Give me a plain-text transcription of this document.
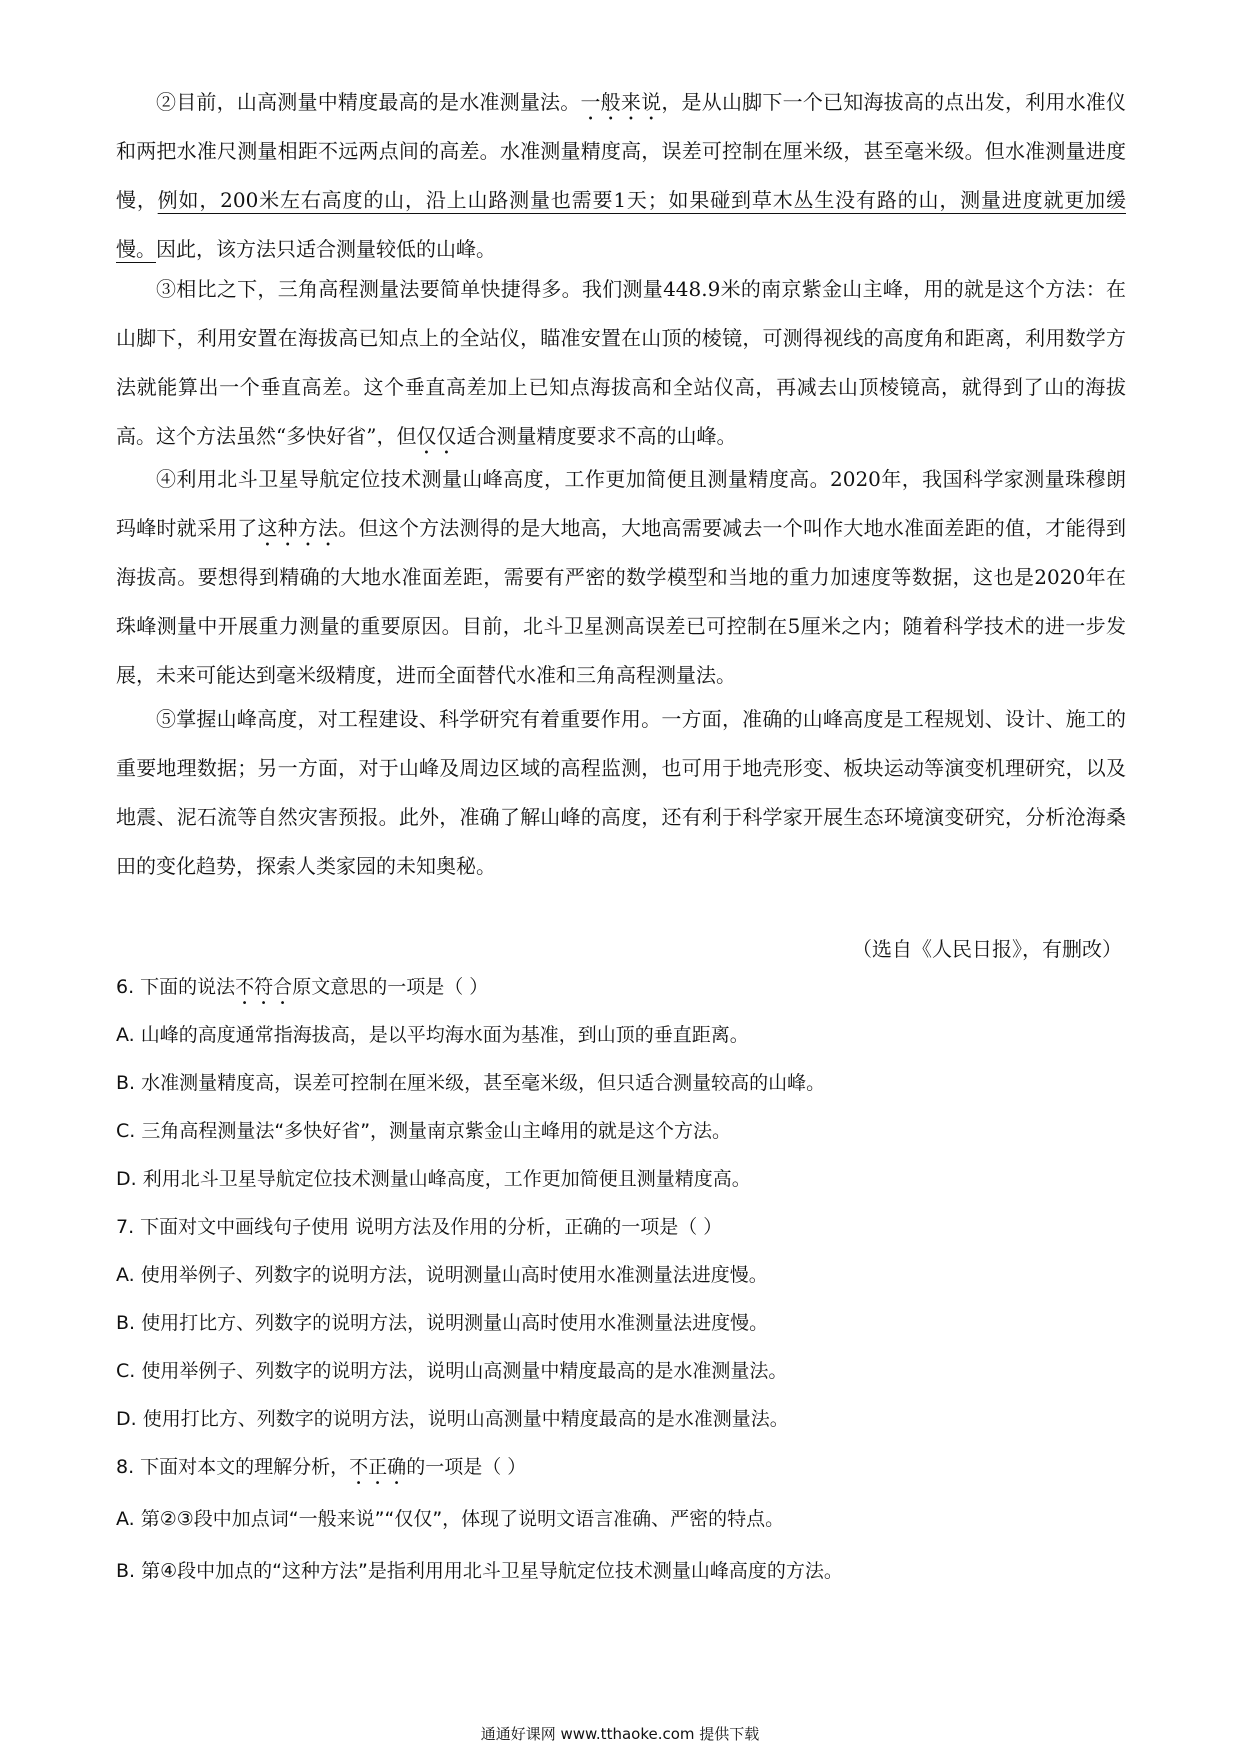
②目前，山高测量中精度最高的是水准测量法。一般来说，是从山脚下一个已知海拔高的点出发，利用水准仪和两把水准尺测量相距不远两点间的高差。水准测量精度高，误差可控制在厘米级，甚至毫米级。但水准测量进度慢，例如，200米左右高度的山，沿上山路测量也需要1天；如果碰到草木丛生没有路的山，测量进度就更加缓慢。因此，该方法只适合测量较低的山峰。

③相比之下，三角高程测量法要简单快捷得多。我们测量448.9米的南京紫金山主峰，用的就是这个方法：在山脚下，利用安置在海拔高已知点上的全站仪，瞄准安置在山顶的棱镜，可测得视线的高度角和距离，利用数学方法就能算出一个垂直高差。这个垂直高差加上已知点海拔高和全站仪高，再减去山顶棱镜高，就得到了山的海拔高。这个方法虽然“多快好省”，但仅仅适合测量精度要求不高的山峰。

④利用北斗卫星导航定位技术测量山峰高度，工作更加简便且测量精度高。2020年，我国科学家测量珠穆朗玛峰时就采用了这种方法。但这个方法测得的是大地高，大地高需要减去一个叫作大地水准面差距的值，才能得到海拔高。要想得到精确的大地水准面差距，需要有严密的数学模型和当地的重力加速度等数据，这也是2020年在珠峰测量中开展重力测量的重要原因。目前，北斗卫星测高误差已可控制在5厘米之内；随着科学技术的进一步发展，未来可能达到毫米级精度，进而全面替代水准和三角高程测量法。

⑤掌握山峰高度，对工程建设、科学研究有着重要作用。一方面，准确的山峰高度是工程规划、设计、施工的重要地理数据；另一方面，对于山峰及周边区域的高程监测，也可用于地壳形变、板块运动等演变机理研究，以及地震、泥石流等自然灾害预报。此外，准确了解山峰的高度，还有利于科学家开展生态环境演变研究，分析沧海桑田的变化趋势，探索人类家园的未知奥秘。

（选自《人民日报》，有删改）

6. 下面的说法不符合原文意思的一项是（ ）

A. 山峰的高度通常指海拔高，是以平均海水面为基准，到山顶的垂直距离。

B. 水准测量精度高，误差可控制在厘米级，甚至毫米级，但只适合测量较高的山峰。

C. 三角高程测量法“多快好省”，测量南京紫金山主峰用的就是这个方法。

D. 利用北斗卫星导航定位技术测量山峰高度，工作更加简便且测量精度高。

7. 下面对文中画线句子使用 说明方法及作用的分析，正确的一项是（ ）

A. 使用举例子、列数字的说明方法，说明测量山高时使用水准测量法进度慢。

B. 使用打比方、列数字的说明方法，说明测量山高时使用水准测量法进度慢。

C. 使用举例子、列数字的说明方法，说明山高测量中精度最高的是水准测量法。

D. 使用打比方、列数字的说明方法，说明山高测量中精度最高的是水准测量法。

8. 下面对本文的理解分析，不正确的一项是（ ）

A. 第②③段中加点词“一般来说”“仅仅”，体现了说明文语言准确、严密的特点。

B. 第④段中加点的“这种方法”是指利用用北斗卫星导航定位技术测量山峰高度的方法。

通通好课网 www.tthaoke.com 提供下载
